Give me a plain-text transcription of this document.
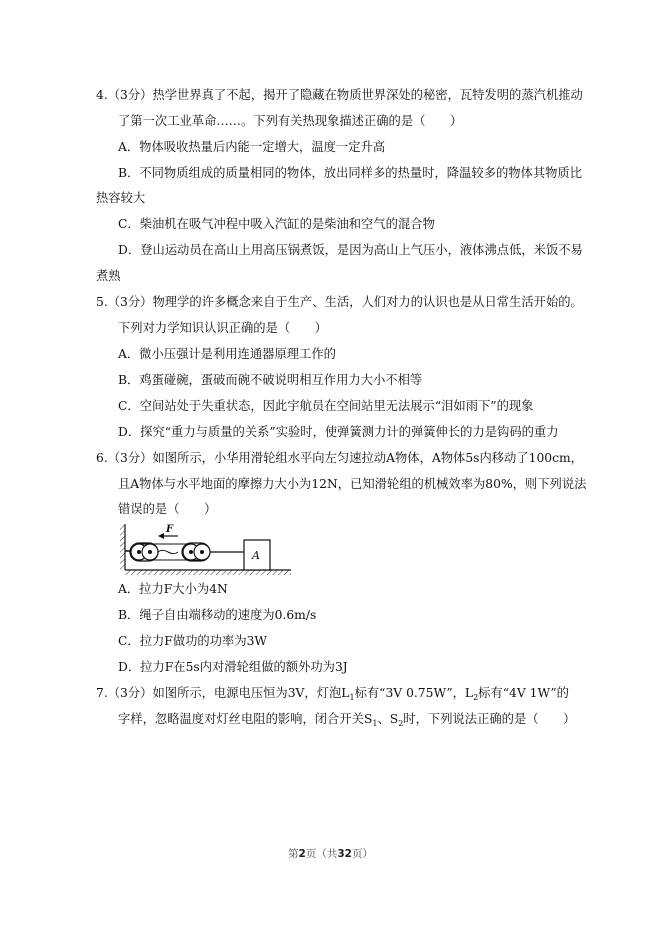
4.（3分）热学世界真了不起，揭开了隐藏在物质世界深处的秘密，瓦特发明的蒸汽机推动
了第一次工业革命……。下列有关热现象描述正确的是（　　）
A．物体吸收热量后内能一定增大，温度一定升高
B．不同物质组成的质量相同的物体，放出同样多的热量时，降温较多的物体其物质比
热容较大
C．柴油机在吸气冲程中吸入汽缸的是柴油和空气的混合物
D．登山运动员在高山上用高压锅煮饭，是因为高山上气压小，液体沸点低，米饭不易
煮熟
5.（3分）物理学的许多概念来自于生产、生活，人们对力的认识也是从日常生活开始的。
下列对力学知识认识正确的是（　　）
A．微小压强计是利用连通器原理工作的
B．鸡蛋碰碗，蛋破而碗不破说明相互作用力大小不相等
C．空间站处于失重状态，因此宇航员在空间站里无法展示“泪如雨下”的现象
D．探究“重力与质量的关系”实验时，使弹簧测力计的弹簧伸长的力是钩码的重力
6.（3分）如图所示，小华用滑轮组水平向左匀速拉动A物体，A物体5s内移动了100cm，
且A物体与水平地面的摩擦力大小为12N，已知滑轮组的机械效率为80%，则下列说法
错误的是（　　）
F
A
A．拉力F大小为4N
B．绳子自由端移动的速度为0.6m/s
C．拉力F做功的功率为3W
D．拉力F在5s内对滑轮组做的额外功为3J
7.（3分）如图所示，电源电压恒为3V，灯泡$L_1$标有“3V 0.75W”，$L_2$标有“4V 1W”的
字样，忽略温度对灯丝电阻的影响，闭合开关$S_1$、$S_2$时，下列说法正确的是（　　）
第2页（共32页）
